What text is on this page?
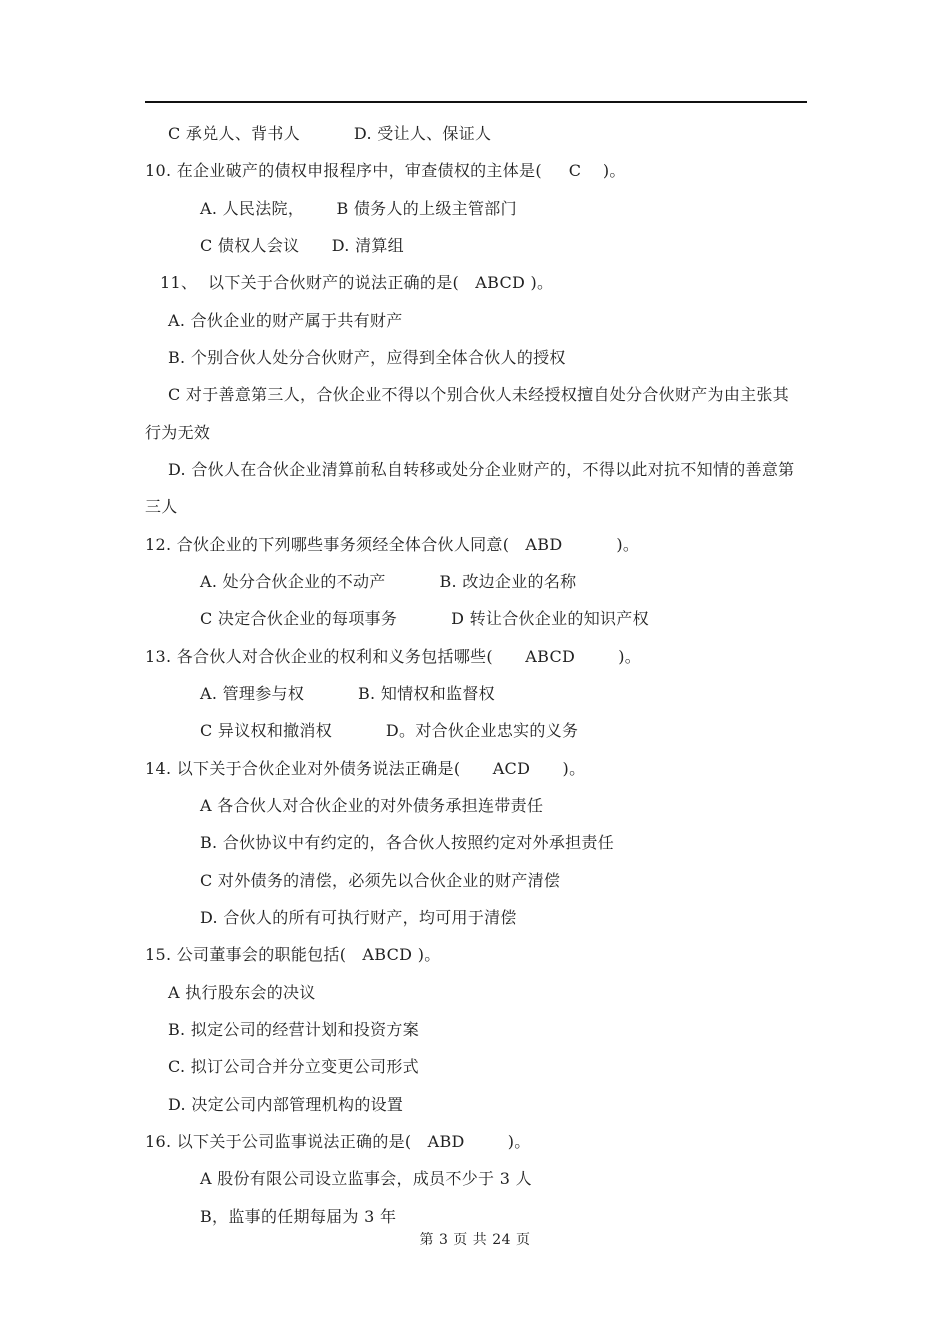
C 承兑人、背书人          D. 受让人、保证人
10. 在企业破产的债权申报程序中，审查债权的主体是(     C    )。
A. 人民法院，      B 债务人的上级主管部门
C 债权人会议      D. 清算组
11、  以下关于合伙财产的说法正确的是(   ABCD )。
A. 合伙企业的财产属于共有财产
B. 个别合伙人处分合伙财产，应得到全体合伙人的授权
C 对于善意第三人，合伙企业不得以个别合伙人未经授权擅自处分合伙财产为由主张其
行为无效
D. 合伙人在合伙企业清算前私自转移或处分企业财产的，不得以此对抗不知情的善意第
三人
12. 合伙企业的下列哪些事务须经全体合伙人同意(   ABD          )。
A. 处分合伙企业的不动产          B. 改边企业的名称
C 决定合伙企业的每项事务          D 转让合伙企业的知识产权
13. 各合伙人对合伙企业的权利和义务包括哪些(      ABCD        )。
A. 管理参与权          B. 知情权和监督权
C 异议权和撤消权          D。对合伙企业忠实的义务
14. 以下关于合伙企业对外债务说法正确是(      ACD      )。
A 各合伙人对合伙企业的对外债务承担连带责任
B. 合伙协议中有约定的，各合伙人按照约定对外承担责任
C 对外债务的清偿，必须先以合伙企业的财产清偿
D. 合伙人的所有可执行财产，均可用于清偿
15. 公司董事会的职能包括(   ABCD )。
A 执行股东会的决议
B. 拟定公司的经营计划和投资方案
C. 拟订公司合并分立变更公司形式
D. 决定公司内部管理机构的设置
16. 以下关于公司监事说法正确的是(   ABD        )。
A 股份有限公司设立监事会，成员不少于 3 人
B，监事的任期每届为 3 年
第 3 页 共 24 页
